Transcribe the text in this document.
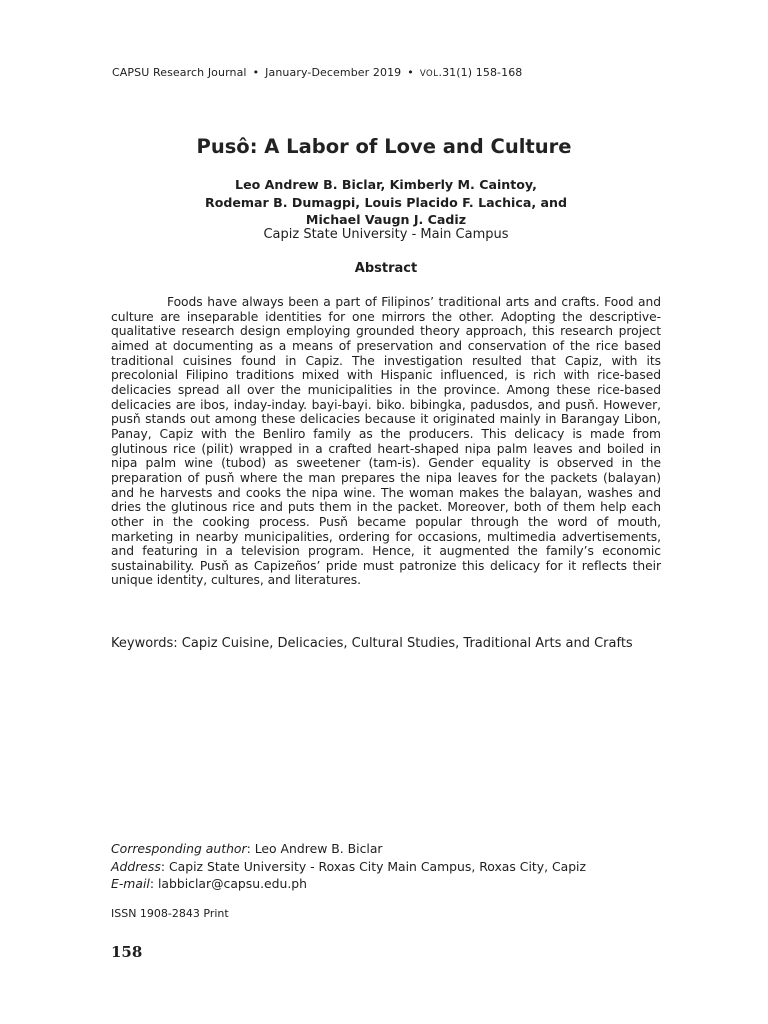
CAPSU Research Journal • January-December 2019 • VOL.31(1) 158-168
Pusô: A Labor of Love and Culture
Leo Andrew B. Biclar, Kimberly M. Caintoy,
Rodemar B. Dumagpi, Louis Placido F. Lachica, and
Michael Vaugn J. Cadiz
Capiz State University - Main Campus
Abstract

Foods have always been a part of Filipinos’ traditional arts and crafts. Food and culture are inseparable identities for one mirrors the other. Adopting the descriptive-qualitative research design employing grounded theory approach, this research project aimed at documenting as a means of preservation and conservation of the rice based traditional cuisines found in Capiz. The investigation resulted that Capiz, with its precolonial Filipino traditions mixed with Hispanic influenced, is rich with rice-based delicacies spread all over the municipalities in the province. Among these rice-based delicacies are ibos, inday-inday. bayi-bayi. biko. bibingka, padusdos, and pusň. However, pusň stands out among these delicacies because it originated mainly in Barangay Libon, Panay, Capiz with the Benliro family as the producers. This delicacy is made from glutinous rice (pilit) wrapped in a crafted heart-shaped nipa palm leaves and boiled in nipa palm wine (tubod) as sweetener (tam-is). Gender equality is observed in the preparation of pusň where the man prepares the nipa leaves for the packets (balayan) and he harvests and cooks the nipa wine. The woman makes the balayan, washes and dries the glutinous rice and puts them in the packet. Moreover, both of them help each other in the cooking process. Pusň became popular through the word of mouth, marketing in nearby municipalities, ordering for occasions, multimedia advertisements, and featuring in a television program. Hence, it augmented the family’s economic sustainability. Pusň as Capizeños’ pride must patronize this delicacy for it reflects their unique identity, cultures, and literatures.

Keywords: Capiz Cuisine, Delicacies, Cultural Studies, Traditional Arts and Crafts
Corresponding author: Leo Andrew B. Biclar
Address: Capiz State University - Roxas City Main Campus, Roxas City, Capiz
E-mail: labbiclar@capsu.edu.ph
ISSN 1908-2843 Print
158
